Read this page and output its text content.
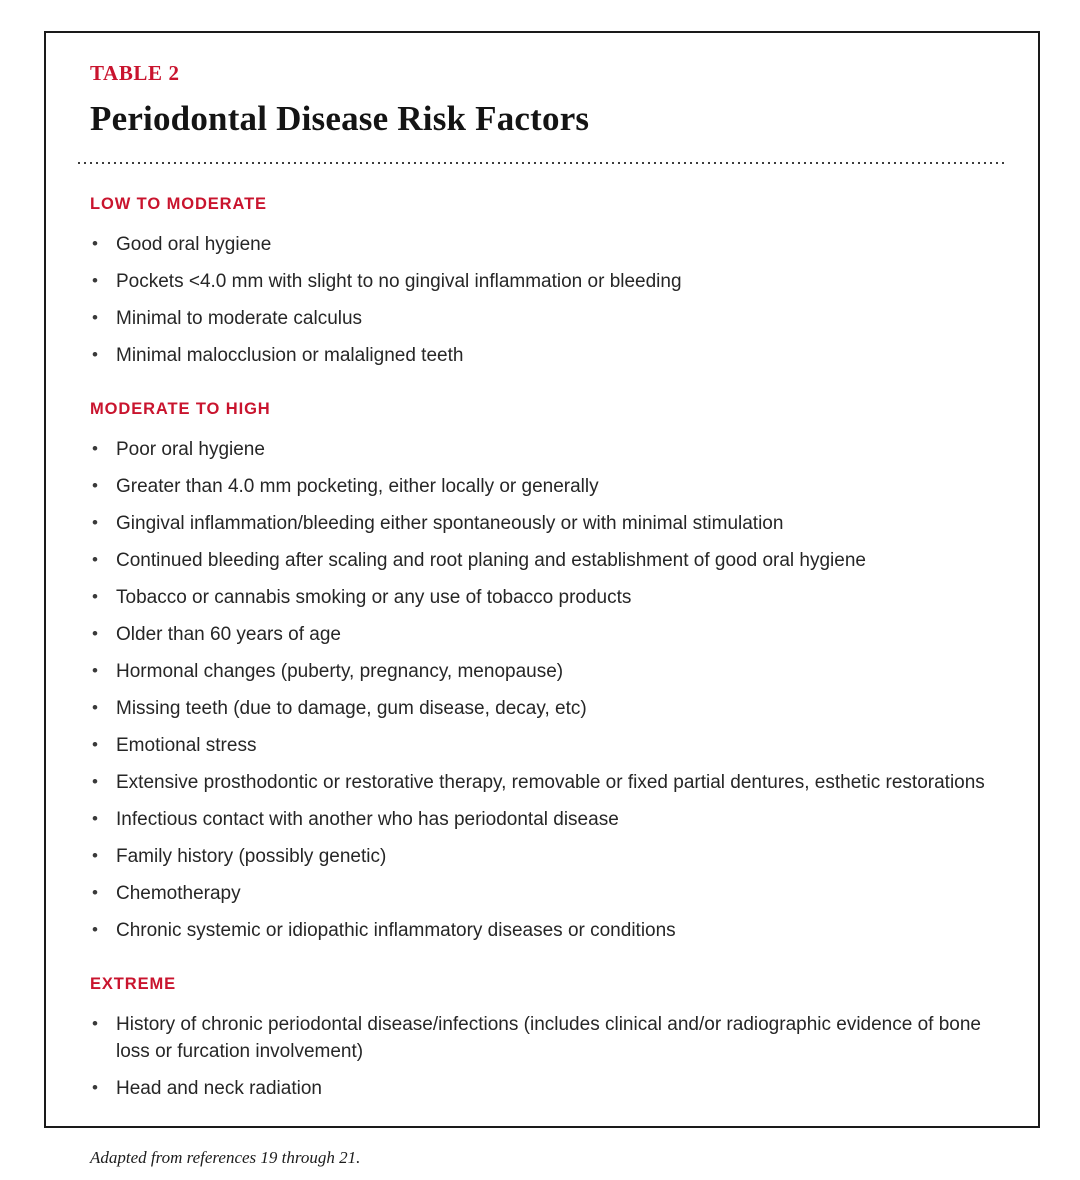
TABLE 2
Periodontal Disease Risk Factors
LOW TO MODERATE
• Good oral hygiene
• Pockets <4.0 mm with slight to no gingival inflammation or bleeding
• Minimal to moderate calculus
• Minimal malocclusion or malaligned teeth
MODERATE TO HIGH
• Poor oral hygiene
• Greater than 4.0 mm pocketing, either locally or generally
• Gingival inflammation/bleeding either spontaneously or with minimal stimulation
• Continued bleeding after scaling and root planing and establishment of good oral hygiene
• Tobacco or cannabis smoking or any use of tobacco products
• Older than 60 years of age
• Hormonal changes (puberty, pregnancy, menopause)
• Missing teeth (due to damage, gum disease, decay, etc)
• Emotional stress
• Extensive prosthodontic or restorative therapy, removable or fixed partial dentures, esthetic restorations
• Infectious contact with another who has periodontal disease
• Family history (possibly genetic)
• Chemotherapy
• Chronic systemic or idiopathic inflammatory diseases or conditions
EXTREME
• History of chronic periodontal disease/infections (includes clinical and/or radiographic evidence of bone loss or furcation involvement)
• Head and neck radiation
Adapted from references 19 through 21.
